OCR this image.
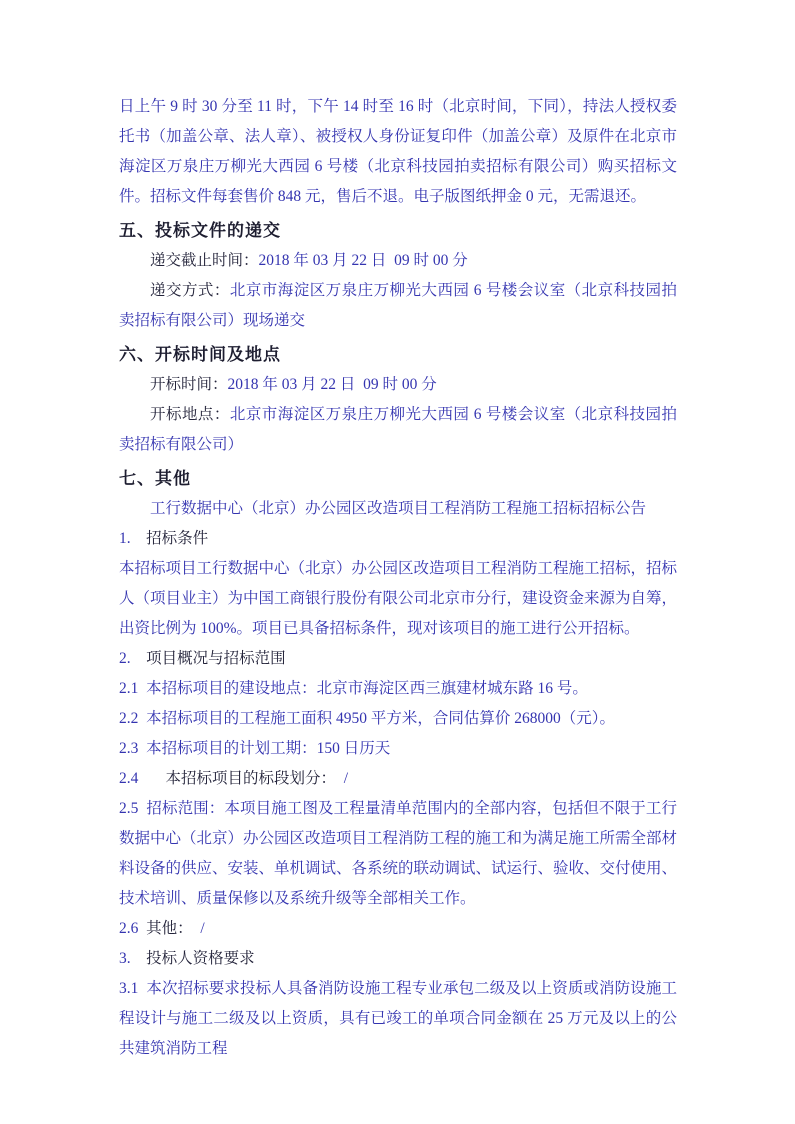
日上午 9 时 30 分至 11 时，下午 14 时至 16 时（北京时间，下同），持法人授权委托书（加盖公章、法人章）、被授权人身份证复印件（加盖公章）及原件在北京市海淀区万泉庄万柳光大西园 6 号楼（北京科技园拍卖招标有限公司）购买招标文件。招标文件每套售价 848 元，售后不退。电子版图纸押金 0 元，无需退还。

五、投标文件的递交

递交截止时间：2018 年 03 月 22 日  09 时 00 分

递交方式：北京市海淀区万泉庄万柳光大西园 6 号楼会议室（北京科技园拍卖招标有限公司）现场递交

六、开标时间及地点

开标时间：2018 年 03 月 22 日  09 时 00 分

开标地点：北京市海淀区万泉庄万柳光大西园 6 号楼会议室（北京科技园拍卖招标有限公司）

七、其他

工行数据中心（北京）办公园区改造项目工程消防工程施工招标招标公告

1.    招标条件

本招标项目工行数据中心（北京）办公园区改造项目工程消防工程施工招标，招标人（项目业主）为中国工商银行股份有限公司北京市分行，建设资金来源为自筹，出资比例为 100%。项目已具备招标条件，现对该项目的施工进行公开招标。

2.    项目概况与招标范围

2.1  本招标项目的建设地点：北京市海淀区西三旗建材城东路 16 号。

2.2  本招标项目的工程施工面积 4950 平方米，合同估算价 268000（元）。

2.3  本招标项目的计划工期：150 日历天

2.4       本招标项目的标段划分：  /

2.5  招标范围：本项目施工图及工程量清单范围内的全部内容，包括但不限于工行数据中心（北京）办公园区改造项目工程消防工程的施工和为满足施工所需全部材料设备的供应、安装、单机调试、各系统的联动调试、试运行、验收、交付使用、技术培训、质量保修以及系统升级等全部相关工作。

2.6  其他：  /

3.    投标人资格要求

3.1  本次招标要求投标人具备消防设施工程专业承包二级及以上资质或消防设施工程设计与施工二级及以上资质，具有已竣工的单项合同金额在 25 万元及以上的公共建筑消防工程
